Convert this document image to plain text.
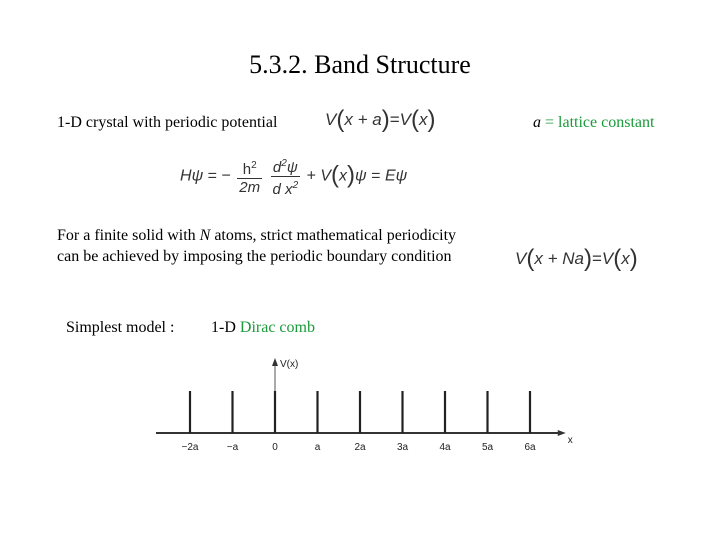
5.3.2. Band Structure
1-D crystal with periodic potential	V(x + a)=V(x)	a = lattice constant
Hψ = − $\frac{h^2}{2m}$
$\frac{d^2\psi}{d x^2} + V(x)\psi = E\psi$
For a finite solid with N atoms, strict mathematical periodicity
can be achieved by imposing the periodic boundary condition	V(x + Na)=V(x)
Simplest model : 1-D Dirac comb
V(x)
x
−2a	−a	0	a	2a	3a	4a	5a	6a
